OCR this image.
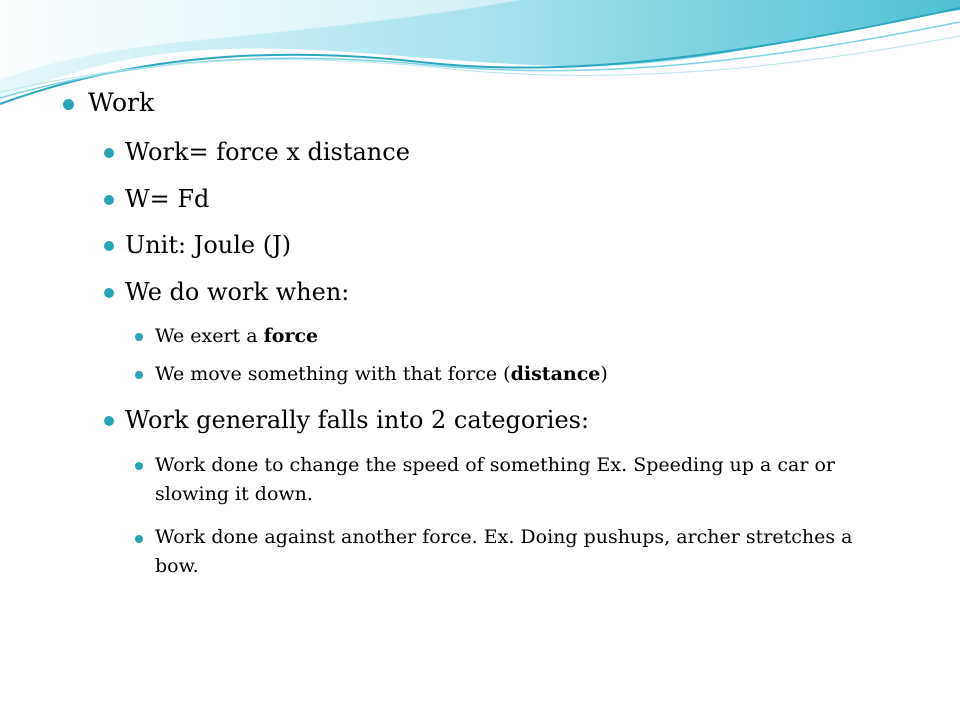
Work
Work= force x distance
W= Fd
Unit: Joule (J)
We do work when:
We exert a force
We move something with that force (distance)
Work generally falls into 2 categories:
Work done to change the speed of something Ex. Speeding up a car or slowing it down.
Work done against another force. Ex. Doing pushups, archer stretches a bow.
